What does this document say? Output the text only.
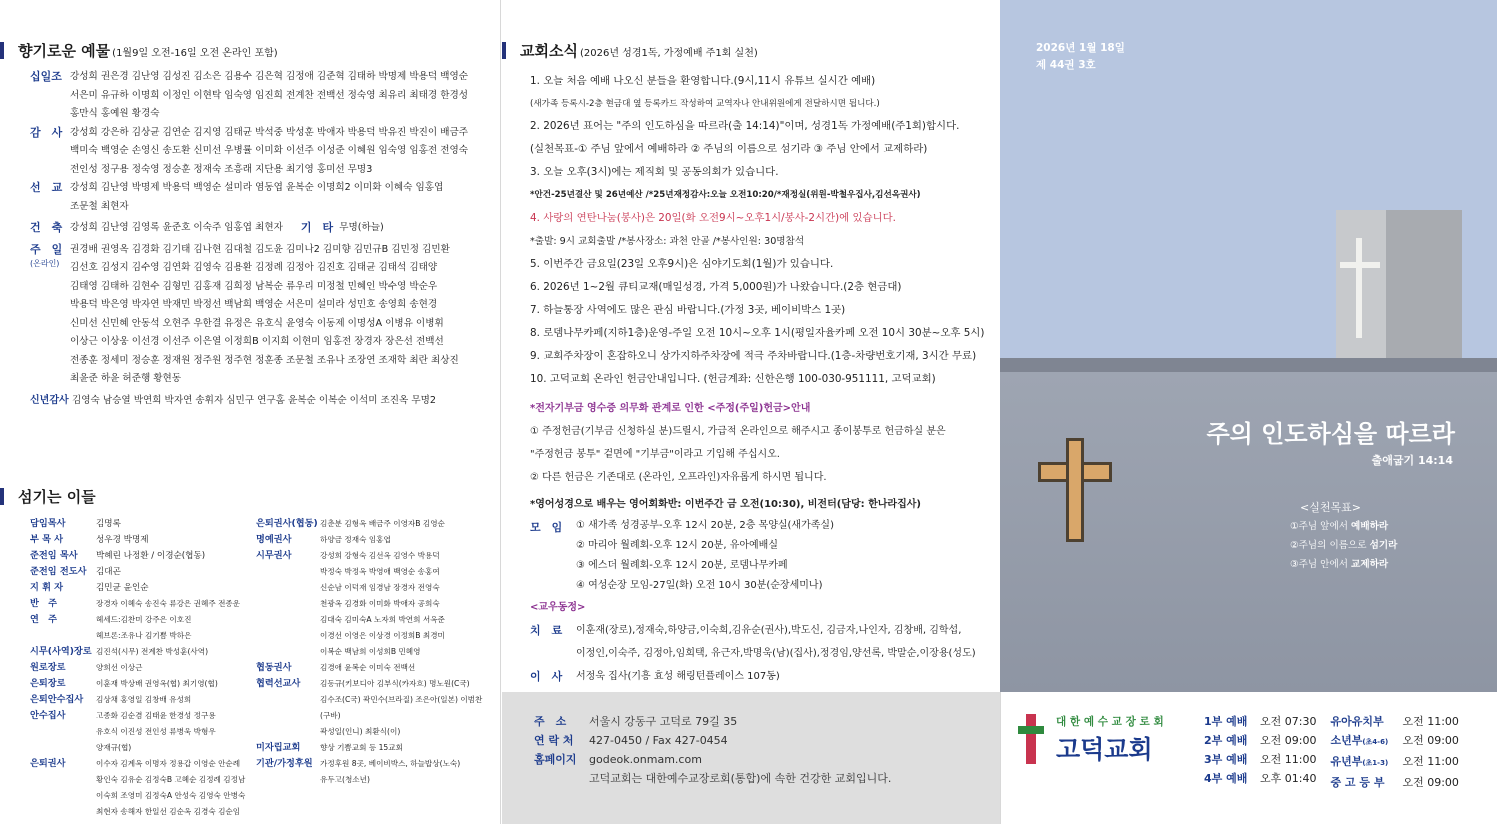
향기로운 예물 (1월9일 오전-16일 오전 온라인 포함)
십일조 강성희 권은경 김난영 김성진 김소은 김용수 김은혁 김정애 김준혁 김태하 박명제 박용덕 백영순
서은미 유규하 이명희 이정인 이현탁 임숙영 임진희 전계찬 전백선 정숙영 최유리 최태경 한경성
홍만식 홍예원 황경숙
감　사 강성희 강은하 김상균 김연순 김지영 김태균 박석중 박성훈 박애자 박용덕 박유진 박진이 배금주
백미숙 백영순 손영신 송도환 신미선 우병률 이미화 이선주 이성준 이혜원 임숙영 임홍전 전영숙
전인성 정구용 정숙영 정승훈 정재숙 조흥래 지단용 최기영 홍미선 무명3
선　교 강성희 김난영 박명제 박용덕 백영순 설미라 염동엽 윤복순 이명희2 이미화 이혜숙 임홍엽
조문철 최현자
건　축 강성희 김난영 김영록 윤준호 이숙주 임홍엽 최현자 기　타 무명(하늘)
주　일
(온라인)
권경배 권영옥 김경화 김기태 김나현 김대철 김도윤 김미나2 김미향 김민규B 김민정 김민환
김선호 김성지 김수영 김연화 김영숙 김용환 김정례 김정아 김진호 김태균 김태석 김태양
김태영 김태하 김현수 김형민 김홍재 김희정 남복순 류우리 미정철 민혜인 박수영 박순우
박용덕 박은영 박자연 박재민 박정선 백남희 백영순 서은미 설미라 성민호 송영희 송현경
신미선 신민혜 안동석 오현주 우한결 유정은 유호식 윤영숙 이동제 이명성A 이병유 이병휘
이상근 이상웅 이선경 이선주 이은열 이정희B 이지희 이현미 임홍전 장경자 장은선 전백선
전종훈 정세미 정승훈 정재원 정주원 정주현 정훈종 조문철 조유나 조장연 조재학 최란 최상진
최윤준 하윤 허준행 황현동
신년감사 김영숙 남승열 박연희 박자연 송휘자 심민구 연구홈 윤복순 이복순 이석미 조진옥 무명2
섬기는 이들
담임목사	김명록
부 목 사	성우경 박명제
준전임 목사	박혜린 나정환 / 이경순(협동)
준전임 전도사	김대곤
지 휘 자	김민균 윤인순
반　주	장경자 이혜숙 송진숙 류강은 권혜주 전종운
연　주	헤세드:김찬미 강주은 이호진
헤브론:조유나 김기쁨 박하은
시무(사역)장로 김진석(시무) 전계찬 박성훈(사역)
원로장로	양희선 이상근
은퇴장로	이훈재 박상배 권영옥(협) 최기영(협)
은퇴안수집사	김상채 홍영일 김창배 유성희
안수집사	고종화 김순겸 김태윤 한경성 정구용
유호식 이진성 전인성 류병욱 박형우
양재규(협)
은퇴권사	이수자 김계옥 이명자 정용갑 이영순 안순례
황인숙 김유순 김정숙B 고혜순 김정례 김정남
이숙희 조영미 김정숙A 안성숙 김영숙 안병숙
최현자 송해자 한일선 김순옥 김경숙 김순임
은퇴권사(협동) 김춘분 김형옥 배금주 이영자B 김영순
명예권사	하양금 정재숙 임홍엽
시무권사	강성희 강형숙 김선옥 김영수 박용덕
박정숙 박정옥 박영애 백영순 송홍여
신순남 이덕재 임경남 장경자 전영숙
천광옥 김경화 이미화 박애자 공희숙
김대숙 김미숙A 노자희 박연희 서옥준
이경선 이영은 이상경 이정희B 최경미
이복순 백남희 이성희B 민혜영
협동권사	김경애 윤복순 이미숙 전백선
협력선교사	김동규(키보디아 김부식(카자흐) 명노원(C국)
김수조(C국) 곽민수(브라질) 조은아(일본) 이범찬(구바)
곽성일(인니) 최환식(이)
미자립교회	향상 기쁨교회 등 15교회
기관/가정후원 가정후원 8곳, 베이비박스, 하늘밥상(노숙)
유두고(청소년)
교회소식 (2026년 성경1독, 가정예배 주1회 실천)
1. 오늘 처음 예배 나오신 분들을 환영합니다.(9시,11시 유튜브 실시간 예배)
(새가족 등록시-2층 현금대 옆 등록카드 작성하여 교역자나 안내위원에게 전달하시면 됩니다.)
2. 2026년 표어는 "주의 인도하심을 따르라(출 14:14)"이며, 성경1독 가정예배(주1회)합시다.
(실천목표-① 주님 앞에서 예배하라 ② 주님의 이름으로 섬기라 ③ 주님 안에서 교제하라)
3. 오늘 오후(3시)에는 제직회 및 공동의회가 있습니다.
*안건-25년결산 및 26년예산 /*25년재정감사:오늘 오전10:20/*재정실(위원-박철우집사,김선옥권사)
4. 사랑의 연탄나눔(봉사)은 20일(화 오전9시~오후1시/봉사-2시간)에 있습니다.
*출발: 9시 교회출발 /*봉사장소: 과천 안골 /*봉사인원: 30명참석
5. 이번주간 금요일(23일 오후9시)은 심야기도회(1월)가 있습니다.
6. 2026년 1~2월 큐티교재(매일성경, 가격 5,000원)가 나왔습니다.(2층 현금대)
7. 하늘통장 사역에도 많은 관심 바랍니다.(가정 3곳, 베이비박스 1곳)
8. 로뎀나무카페(지하1층)운영-주일 오전 10시~오후 1시(평일자율카페 오전 10시 30분~오후 5시)
9. 교회주차장이 혼잡하오니 상가지하주차장에 적극 주차바랍니다.(1층-차량번호기재, 3시간 무료)
10. 고덕교회 온라인 헌금안내입니다. (헌금계좌: 신한은행 100-030-951111, 고덕교회)
*전자기부금 영수증 의무화 관계로 인한 <주정(주일)헌금>안내
① 주정헌금(기부금 신청하실 분)드릴시, 가급적 온라인으로 해주시고 종이봉투로 헌금하실 분은
"주정헌금 봉투" 겉면에 "기부금"이라고 기입해 주십시오.
② 다른 헌금은 기존대로 (온라인, 오프라인)자유롭게 하시면 됩니다.
*영어성경으로 배우는 영어회화반: 이번주간 금 오전(10:30), 비전터(담당: 한나라집사)
모　임	① 새가족 성경공부-오후 12시 20분, 2층 목양실(새가족실)
② 마리아 월례회-오후 12시 20분, 유아예배실
③ 에스더 월례회-오후 12시 20분, 로뎀나무카페
④ 여성순장 모임-27일(화) 오전 10시 30분(순장세미나)
<교우동정>
치　료	이훈재(장로),정재숙,하양금,이숙희,김유순(권사),박도신, 김금자,나인자, 김창배, 김학섭,
이정인,이숙주, 김정아,임희택, 유근자,박명욱(남)(집사),정경임,양선록, 박말순,이장용(성도)
이　사	서정욱 집사(기흥 효성 해링턴플레이스 107동)
주　소	서울시 강동구 고덕로 79길 35
연 락 처	427-0450 / Fax 427-0454
홈페이지	godeok.onmam.com
고덕교회는 대한예수교장로회(통합)에 속한 건강한 교회입니다.
2026년 1월 18일
제 44권 3호
주의 인도하심을 따르라
출애굽기 14:14
<실천목표>
①주님 앞에서 예배하라
②주님의 이름으로 섬기라
③주님 안에서 교제하라
대 한 예 수 교 장 로 회
고덕교회
1부 예배	오전 07:30
2부 예배	오전 09:00
3부 예배	오전 11:00
4부 예배	오후 01:40
유아유치부	오전 11:00
소년부(초4-6)	오전 09:00
유년부(초1-3)	오전 11:00
중 고 등 부	오전 09:00
